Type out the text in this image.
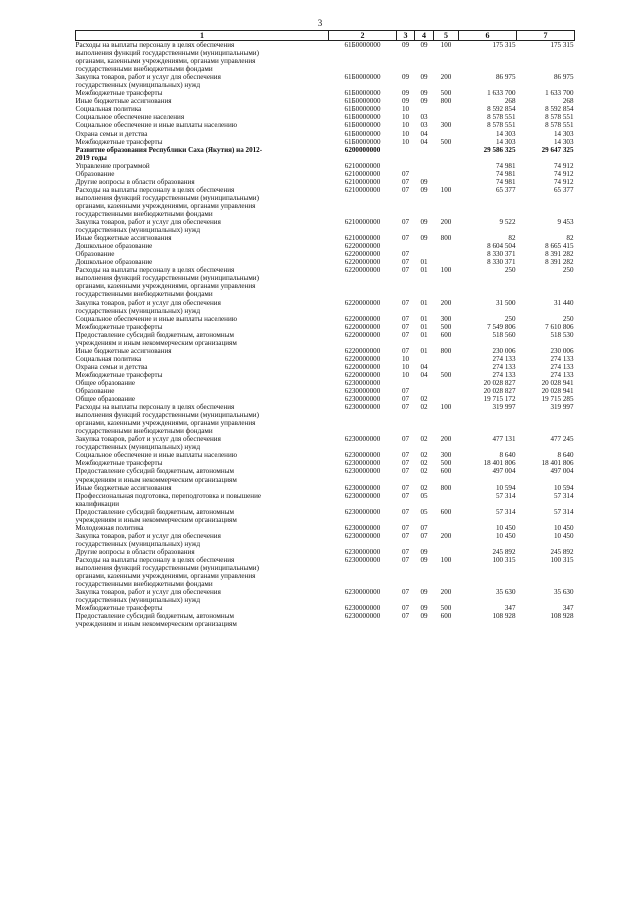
3
1	2	3	4	5	6	7

Расходы на выплаты персоналу в целях обеспечения
выполнения функций государственными (муниципальными)
органами, казенными учреждениями, органами управления
государственными внебюджетными фондами	61Б0000000	09	09	100	175 315	175 315

Закупка товаров, работ и услуг для обеспечения
государственных (муниципальных) нужд	61Б0000000	09	09	200	86 975	86 975

Межбюджетные трансферты	61Б0000000	09	09	500	1 633 700	1 633 700

Иные бюджетные ассигнования	61Б0000000	09	09	800	268	268

Социальная политика	61Б0000000	10			8 592 854	8 592 854

Социальное обеспечение населения	61Б0000000	10	03		8 578 551	8 578 551

Социальное обеспечение и иные выплаты населению	61Б0000000	10	03	300	8 578 551	8 578 551

Охрана семьи и детства	61Б0000000	10	04		14 303	14 303

Межбюджетные трансферты	61Б0000000	10	04	500	14 303	14 303

Развитие образования Республики Саха (Якутия) на 2012-
2019 годы	6200000000				29 586 325	29 647 325

Управление программой	6210000000				74 981	74 912

Образование	6210000000	07			74 981	74 912

Другие вопросы в области образования	6210000000	07	09		74 981	74 912

Расходы на выплаты персоналу в целях обеспечения
выполнения функций государственными (муниципальными)
органами, казенными учреждениями, органами управления
государственными внебюджетными фондами	6210000000	07	09	100	65 377	65 377

Закупка товаров, работ и услуг для обеспечения
государственных (муниципальных) нужд	6210000000	07	09	200	9 522	9 453

Иные бюджетные ассигнования	6210000000	07	09	800	82	82

Дошкольное образование	6220000000				8 604 504	8 665 415

Образование	6220000000	07			8 330 371	8 391 282

Дошкольное образование	6220000000	07	01		8 330 371	8 391 282

Расходы на выплаты персоналу в целях обеспечения
выполнения функций государственными (муниципальными)
органами, казенными учреждениями, органами управления
государственными внебюджетными фондами	6220000000	07	01	100	250	250

Закупка товаров, работ и услуг для обеспечения
государственных (муниципальных) нужд	6220000000	07	01	200	31 500	31 440

Социальное обеспечение и иные выплаты населению	6220000000	07	01	300	250	250

Межбюджетные трансферты	6220000000	07	01	500	7 549 806	7 610 806

Предоставление субсидий бюджетным, автономным
учреждениям и иным некоммерческим организациям	6220000000	07	01	600	518 560	518 530

Иные бюджетные ассигнования	6220000000	07	01	800	230 006	230 006

Социальная политика	6220000000	10			274 133	274 133

Охрана семьи и детства	6220000000	10	04		274 133	274 133

Межбюджетные трансферты	6220000000	10	04	500	274 133	274 133

Общее образование	6230000000				20 028 827	20 028 941

Образование	6230000000	07			20 028 827	20 028 941

Общее образование	6230000000	07	02		19 715 172	19 715 285

Расходы на выплаты персоналу в целях обеспечения
выполнения функций государственными (муниципальными)
органами, казенными учреждениями, органами управления
государственными внебюджетными фондами	6230000000	07	02	100	319 997	319 997

Закупка товаров, работ и услуг для обеспечения
государственных (муниципальных) нужд	6230000000	07	02	200	477 131	477 245

Социальное обеспечение и иные выплаты населению	6230000000	07	02	300	8 640	8 640

Межбюджетные трансферты	6230000000	07	02	500	18 401 806	18 401 806

Предоставление субсидий бюджетным, автономным
учреждениям и иным некоммерческим организациям	6230000000	07	02	600	497 004	497 004

Иные бюджетные ассигнования	6230000000	07	02	800	10 594	10 594

Профессиональная подготовка, переподготовка и повышение
квалификации	6230000000	07	05		57 314	57 314

Предоставление субсидий бюджетным, автономным
учреждениям и иным некоммерческим организациям	6230000000	07	05	600	57 314	57 314

Молодежная политика	6230000000	07	07		10 450	10 450

Закупка товаров, работ и услуг для обеспечения
государственных (муниципальных) нужд	6230000000	07	07	200	10 450	10 450

Другие вопросы в области образования	6230000000	07	09		245 892	245 892

Расходы на выплаты персоналу в целях обеспечения
выполнения функций государственными (муниципальными)
органами, казенными учреждениями, органами управления
государственными внебюджетными фондами	6230000000	07	09	100	100 315	100 315

Закупка товаров, работ и услуг для обеспечения
государственных (муниципальных) нужд	6230000000	07	09	200	35 630	35 630

Межбюджетные трансферты	6230000000	07	09	500	347	347

Предоставление субсидий бюджетным, автономным
учреждениям и иным некоммерческим организациям	6230000000	07	09	600	108 928	108 928
